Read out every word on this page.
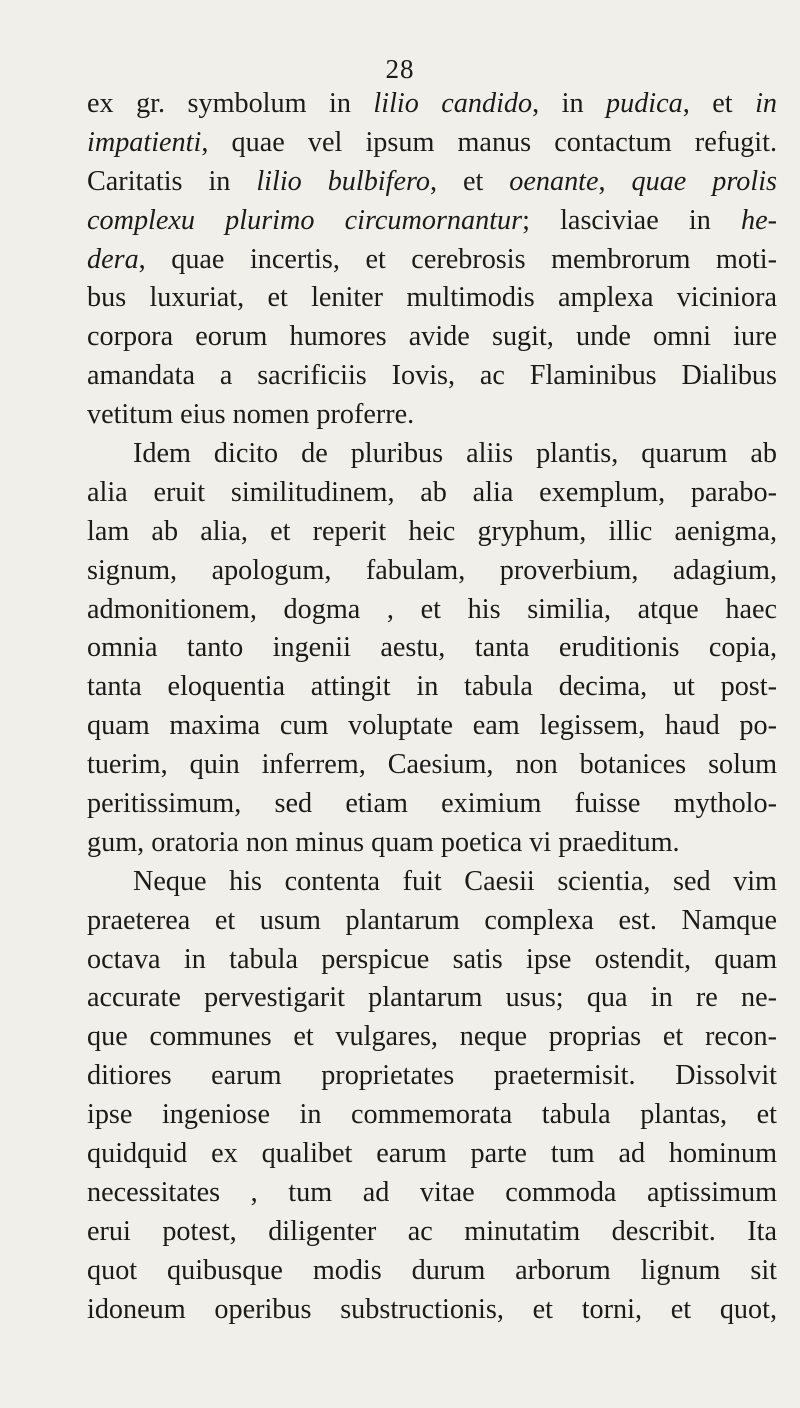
28
ex gr. symbolum in lilio candido, in pudica, et in
impatienti, quae vel ipsum manus contactum refugit.
Caritatis in lilio bulbifero, et oenante, quae prolis
complexu plurimo circumornantur; lasciviae in he-
dera, quae incertis, et cerebrosis membrorum moti-
bus luxuriat, et leniter multimodis amplexa viciniora
corpora eorum humores avide sugit, unde omni iure
amandata a sacrificiis Iovis, ac Flaminibus Dialibus
vetitum eius nomen proferre.
Idem dicito de pluribus aliis plantis, quarum ab
alia eruit similitudinem, ab alia exemplum, parabo-
lam ab alia, et reperit heic gryphum, illic aenigma,
signum, apologum, fabulam, proverbium, adagium,
admonitionem, dogma , et his similia, atque haec
omnia tanto ingenii aestu, tanta eruditionis copia,
tanta eloquentia attingit in tabula decima, ut post-
quam maxima cum voluptate eam legissem, haud po-
tuerim, quin inferrem, Caesium, non botanices solum
peritissimum, sed etiam eximium fuisse mytholo-
gum, oratoria non minus quam poetica vi praeditum.
Neque his contenta fuit Caesii scientia, sed vim
praeterea et usum plantarum complexa est. Namque
octava in tabula perspicue satis ipse ostendit, quam
accurate pervestigarit plantarum usus; qua in re ne-
que communes et vulgares, neque proprias et recon-
ditiores earum proprietates praetermisit. Dissolvit
ipse ingeniose in commemorata tabula plantas, et
quidquid ex qualibet earum parte tum ad hominum
necessitates , tum ad vitae commoda aptissimum
erui potest, diligenter ac minutatim describit. Ita
quot quibusque modis durum arborum lignum sit
idoneum operibus substructionis, et torni, et quot,
